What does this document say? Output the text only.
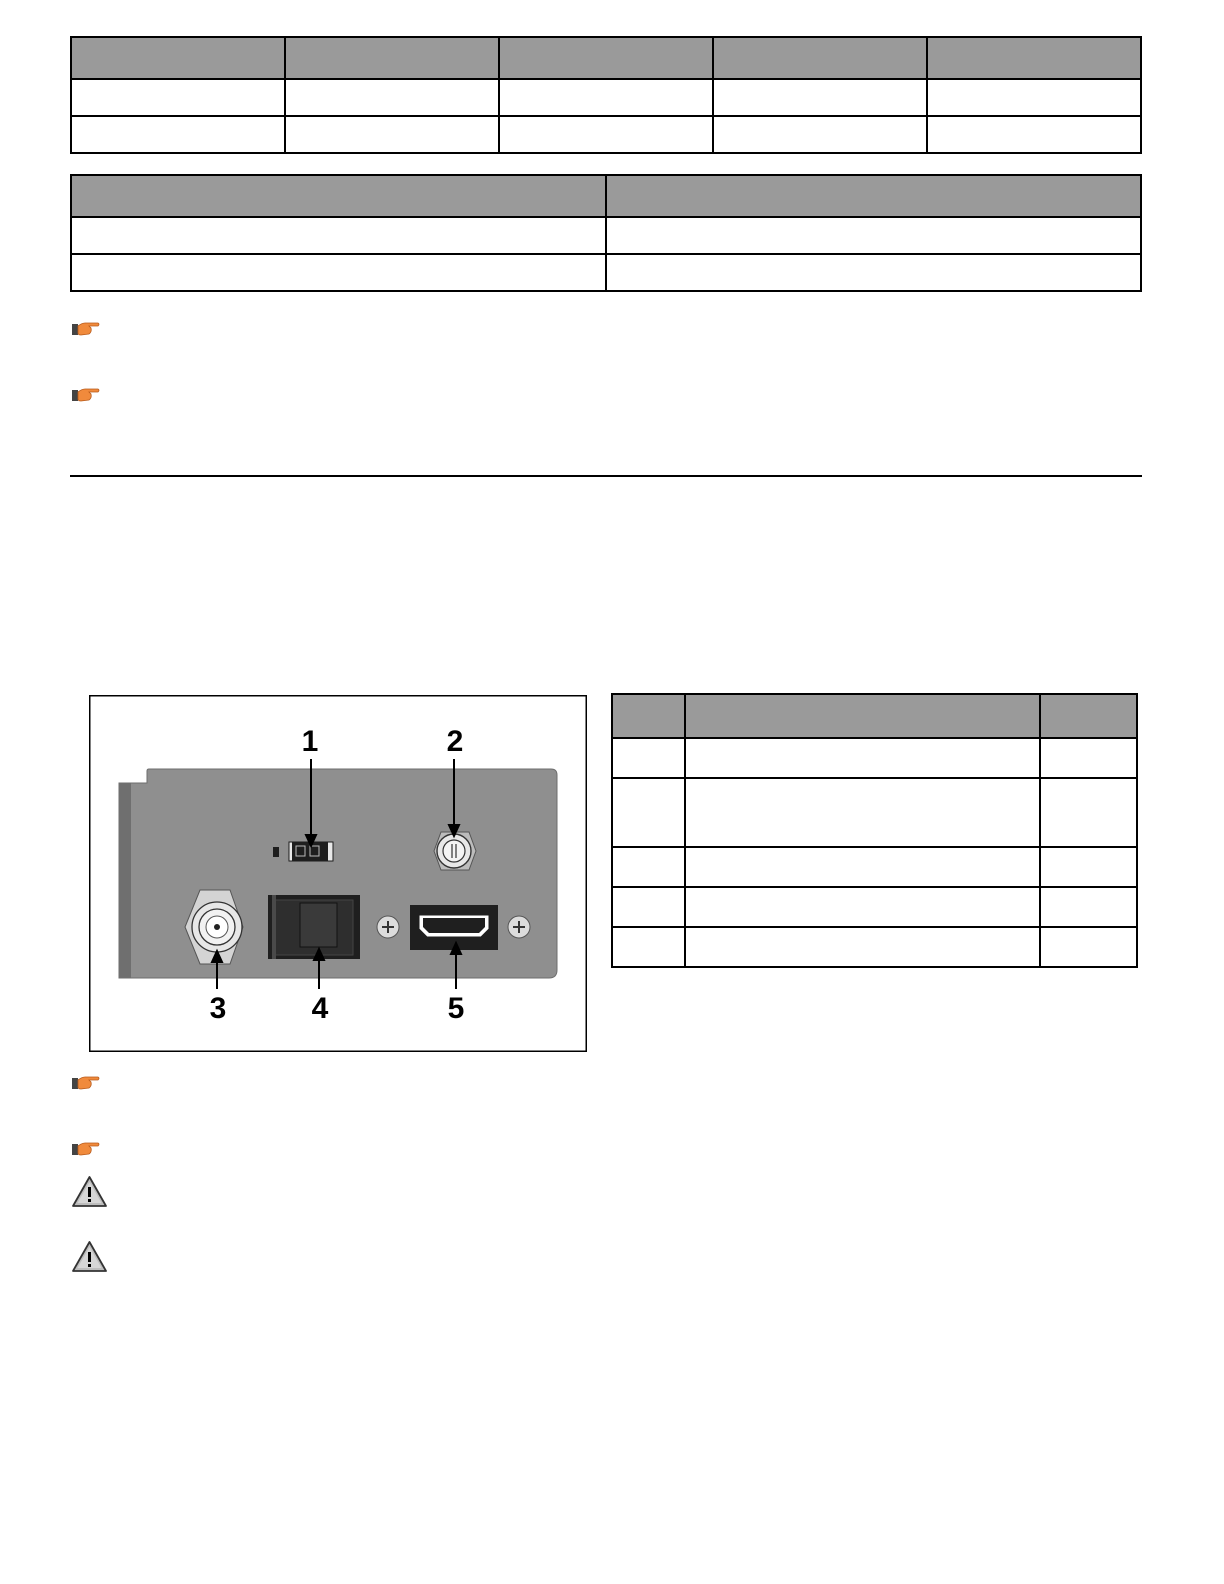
1	2
3	4	5
